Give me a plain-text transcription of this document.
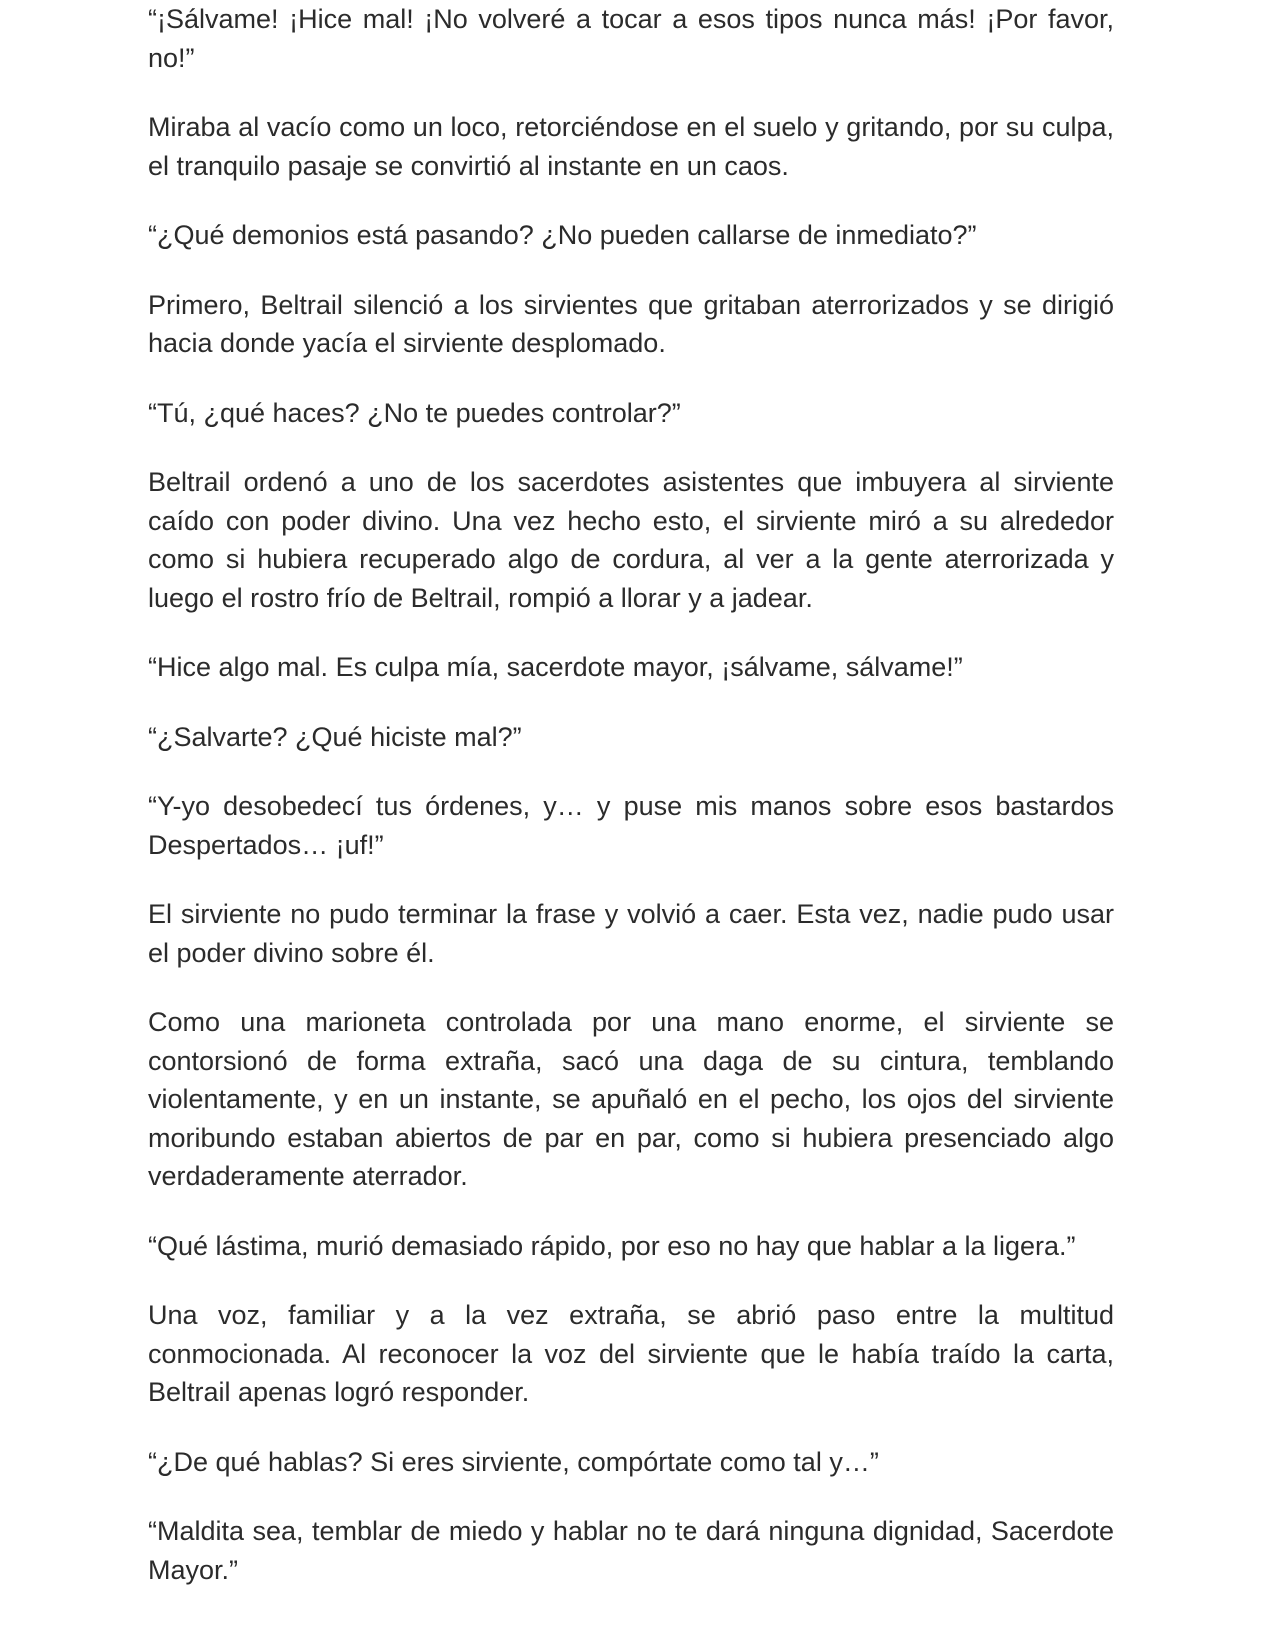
“¡Sálvame! ¡Hice mal! ¡No volveré a tocar a esos tipos nunca más! ¡Por favor, no!”

Miraba al vacío como un loco, retorciéndose en el suelo y gritando, por su culpa, el tranquilo pasaje se convirtió al instante en un caos.

“¿Qué demonios está pasando? ¿No pueden callarse de inmediato?”

Primero, Beltrail silenció a los sirvientes que gritaban aterrorizados y se dirigió hacia donde yacía el sirviente desplomado.

“Tú, ¿qué haces? ¿No te puedes controlar?”

Beltrail ordenó a uno de los sacerdotes asistentes que imbuyera al sirviente caído con poder divino. Una vez hecho esto, el sirviente miró a su alrededor como si hubiera recuperado algo de cordura, al ver a la gente aterrorizada y luego el rostro frío de Beltrail, rompió a llorar y a jadear.

“Hice algo mal. Es culpa mía, sacerdote mayor, ¡sálvame, sálvame!”

“¿Salvarte? ¿Qué hiciste mal?”

“Y-yo desobedecí tus órdenes, y… y puse mis manos sobre esos bastardos Despertados… ¡uf!”

El sirviente no pudo terminar la frase y volvió a caer. Esta vez, nadie pudo usar el poder divino sobre él.

Como una marioneta controlada por una mano enorme, el sirviente se contorsionó de forma extraña, sacó una daga de su cintura, temblando violentamente, y en un instante, se apuñaló en el pecho, los ojos del sirviente moribundo estaban abiertos de par en par, como si hubiera presenciado algo verdaderamente aterrador.

“Qué lástima, murió demasiado rápido, por eso no hay que hablar a la ligera.”

Una voz, familiar y a la vez extraña, se abrió paso entre la multitud conmocionada. Al reconocer la voz del sirviente que le había traído la carta, Beltrail apenas logró responder.

“¿De qué hablas? Si eres sirviente, compórtate como tal y…”

“Maldita sea, temblar de miedo y hablar no te dará ninguna dignidad, Sacerdote Mayor.”
